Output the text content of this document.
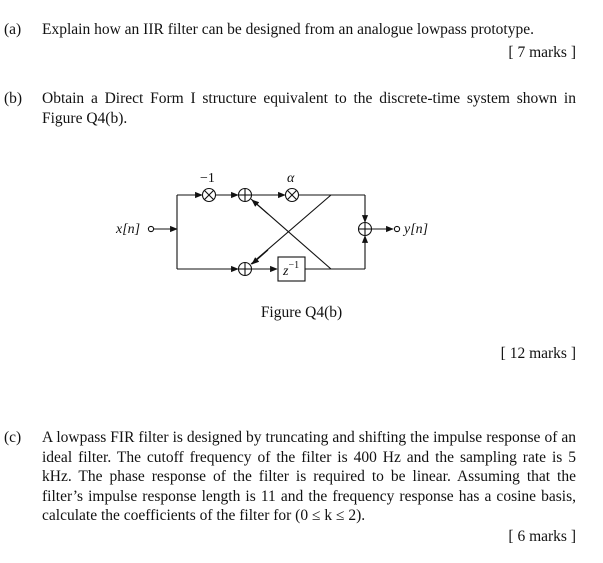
(a) Explain how an IIR filter can be designed from an analogue lowpass prototype.
[ 7 marks ]
(b) Obtain a Direct Form I structure equivalent to the discrete-time system shown in Figure Q4(b).
x[n]	y[n]
−1	α
$z^{-1}$
Figure Q4(b)
[ 12 marks ]
(c) A lowpass FIR filter is designed by truncating and shifting the impulse response of an ideal filter. The cutoff frequency of the filter is 400 Hz and the sampling rate is 5 kHz. The phase response of the filter is required to be linear. Assuming that the filter’s impulse response length is 11 and the frequency response has a cosine basis, calculate the coefficients of the filter for (0 ≤ k ≤ 2).
[ 6 marks ]
